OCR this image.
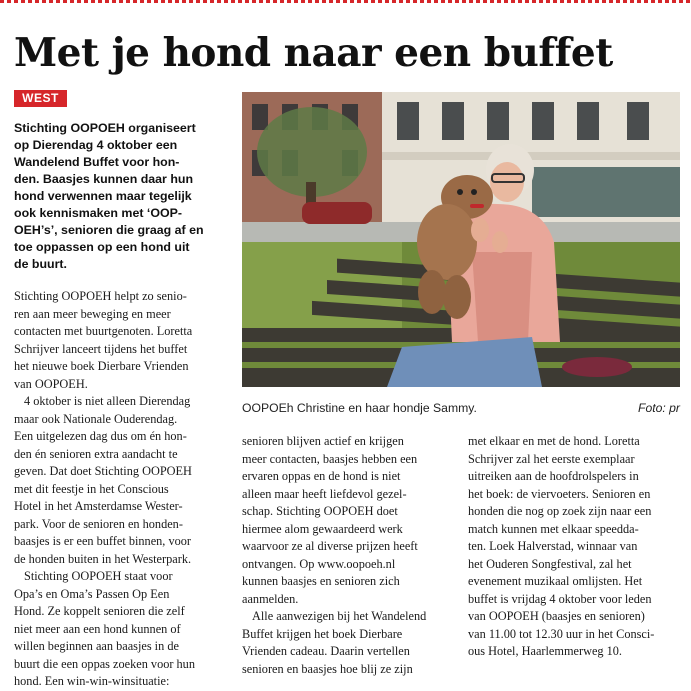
Met je hond naar een buffet
WEST

Stichting OOPOEH organiseert
op Dierendag 4 oktober een
Wandelend Buffet voor hon-
den. Baasjes kunnen daar hun
hond verwennen maar tegelijk
ook kennismaken met ‘OOP-
OEH’s’, senioren die graag af en
toe oppassen op een hond uit
de buurt.

Stichting OOPOEH helpt zo senio-
ren aan meer beweging en meer
contacten met buurtgenoten. Loretta
Schrijver lanceert tijdens het buffet
het nieuwe boek Dierbare Vrienden
van OOPOEH.
4 oktober is niet alleen Dierendag
maar ook Nationale Ouderendag.
Een uitgelezen dag dus om én hon-
den én senioren extra aandacht te
geven. Dat doet Stichting OOPOEH
met dit feestje in het Conscious
Hotel in het Amsterdamse Wester-
park. Voor de senioren en honden-
baasjes is er een buffet binnen, voor
de honden buiten in het Westerpark.
Stichting OOPOEH staat voor
Opa’s en Oma’s Passen Op Een
Hond. Ze koppelt senioren die zelf
niet meer aan een hond kunnen of
willen beginnen aan baasjes in de
buurt die een oppas zoeken voor hun
hond. Een win-win-winsituatie:
OOPOEh Christine en haar hondje Sammy.	Foto: pr
senioren blijven actief en krijgen
meer contacten, baasjes hebben een
ervaren oppas en de hond is niet
alleen maar heeft liefdevol gezel-
schap. Stichting OOPOEH doet
hiermee alom gewaardeerd werk
waarvoor ze al diverse prijzen heeft
ontvangen. Op www.oopoeh.nl
kunnen baasjes en senioren zich
aanmelden.
Alle aanwezigen bij het Wandelend
Buffet krijgen het boek Dierbare
Vrienden cadeau. Daarin vertellen
senioren en baasjes hoe blij ze zijn
met elkaar en met de hond. Loretta
Schrijver zal het eerste exemplaar
uitreiken aan de hoofdrolspelers in
het boek: de viervoeters. Senioren en
honden die nog op zoek zijn naar een
match kunnen met elkaar speedda-
ten. Loek Halverstad, winnaar van
het Ouderen Songfestival, zal het
evenement muzikaal omlijsten. Het
buffet is vrijdag 4 oktober voor leden
van OOPOEH (baasjes en senioren)
van 11.00 tot 12.30 uur in het Consci-
ous Hotel, Haarlemmerweg 10.
